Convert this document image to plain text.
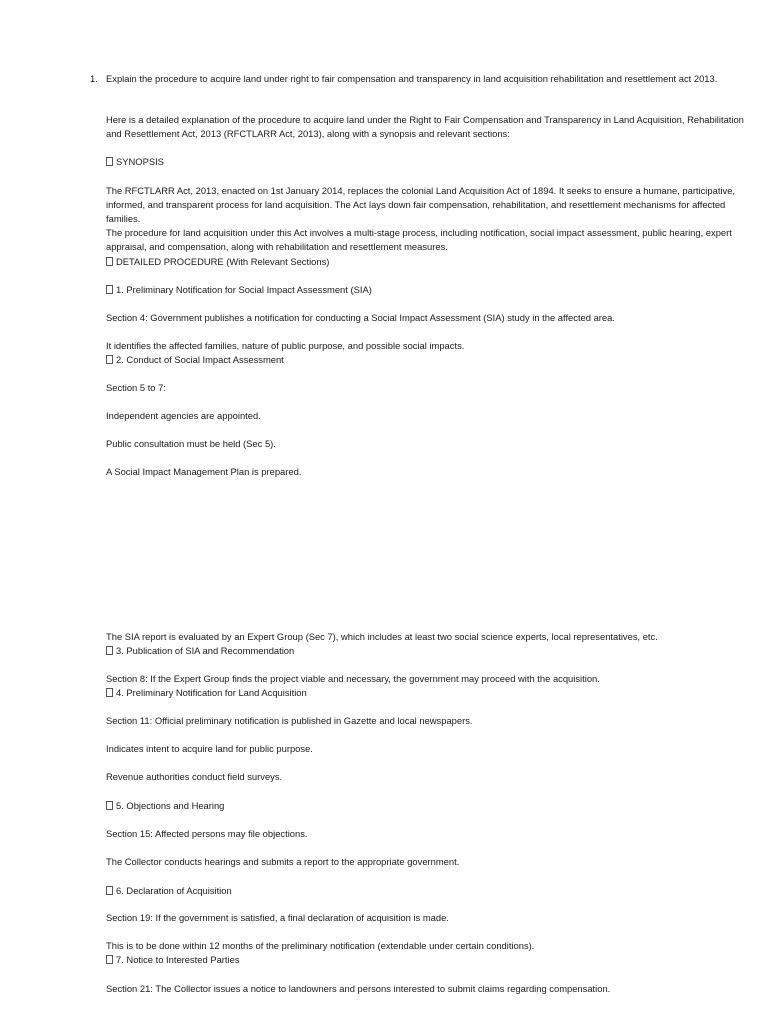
1. Explain the procedure to acquire land under right to fair compensation and transparency in land acquisition rehabilitation and resettlement act 2013.

Here is a detailed explanation of the procedure to acquire land under the Right to Fair Compensation and Transparency in Land Acquisition, Rehabilitation and Resettlement Act, 2013 (RFCTLARR Act, 2013), along with a synopsis and relevant sections:

SYNOPSIS

The RFCTLARR Act, 2013, enacted on 1st January 2014, replaces the colonial Land Acquisition Act of 1894. It seeks to ensure a humane, participative, informed, and transparent process for land acquisition. The Act lays down fair compensation, rehabilitation, and resettlement mechanisms for affected families.

The procedure for land acquisition under this Act involves a multi-stage process, including notification, social impact assessment, public hearing, expert appraisal, and compensation, along with rehabilitation and resettlement measures.

DETAILED PROCEDURE (With Relevant Sections)

1. Preliminary Notification for Social Impact Assessment (SIA)

Section 4: Government publishes a notification for conducting a Social Impact Assessment (SIA) study in the affected area.

It identifies the affected families, nature of public purpose, and possible social impacts.

2. Conduct of Social Impact Assessment

Section 5 to 7:

Independent agencies are appointed.

Public consultation must be held (Sec 5).

A Social Impact Management Plan is prepared.

The SIA report is evaluated by an Expert Group (Sec 7), which includes at least two social science experts, local representatives, etc.

3. Publication of SIA and Recommendation

Section 8: If the Expert Group finds the project viable and necessary, the government may proceed with the acquisition.

4. Preliminary Notification for Land Acquisition

Section 11: Official preliminary notification is published in Gazette and local newspapers.

Indicates intent to acquire land for public purpose.

Revenue authorities conduct field surveys.

5. Objections and Hearing

Section 15: Affected persons may file objections.

The Collector conducts hearings and submits a report to the appropriate government.

6. Declaration of Acquisition

Section 19: If the government is satisfied, a final declaration of acquisition is made.

This is to be done within 12 months of the preliminary notification (extendable under certain conditions).

7. Notice to Interested Parties

Section 21: The Collector issues a notice to landowners and persons interested to submit claims regarding compensation.
